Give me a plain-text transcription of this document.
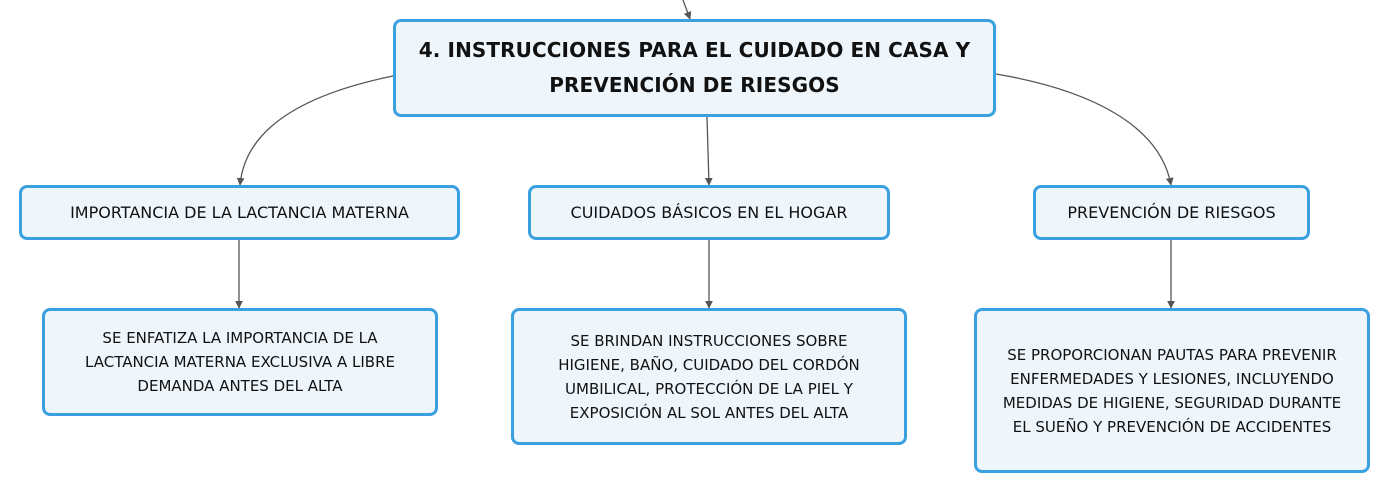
4. INSTRUCCIONES PARA EL CUIDADO EN CASA Y
PREVENCIÓN DE RIESGOS
IMPORTANCIA DE LA LACTANCIA MATERNA	CUIDADOS BÁSICOS EN EL HOGAR	PREVENCIÓN DE RIESGOS
SE ENFATIZA LA IMPORTANCIA DE LA
LACTANCIA MATERNA EXCLUSIVA A LIBRE
DEMANDA ANTES DEL ALTA
SE BRINDAN INSTRUCCIONES SOBRE
HIGIENE, BAÑO, CUIDADO DEL CORDÓN
UMBILICAL, PROTECCIÓN DE LA PIEL Y
EXPOSICIÓN AL SOL ANTES DEL ALTA
SE PROPORCIONAN PAUTAS PARA PREVENIR
ENFERMEDADES Y LESIONES, INCLUYENDO
MEDIDAS DE HIGIENE, SEGURIDAD DURANTE
EL SUEÑO Y PREVENCIÓN DE ACCIDENTES
